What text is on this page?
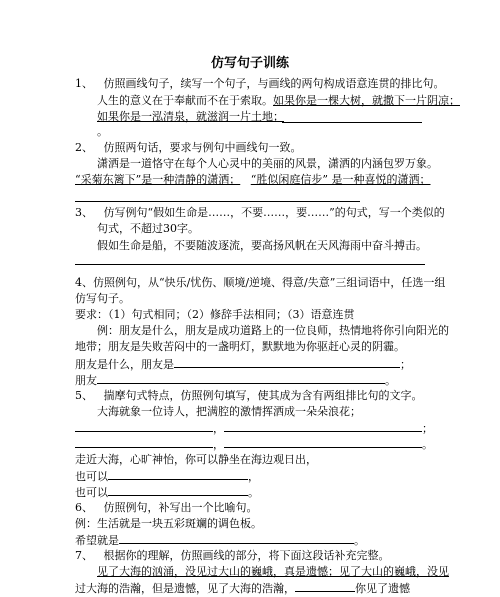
仿写句子训练
1、 仿照画线句子，续写一个句子，与画线的两句构成语意连贯的排比句。
人生的意义在于奉献而不在于索取。如果你是一棵大树，就撒下一片阴凉；
如果你是一泓清泉，就滋润一片土地；
。
2、 仿照两句话，要求与例句中画线句一致。
潇洒是一道恪守在每个人心灵中的美丽的风景，潇洒的内涵包罗万象。
“采菊东篱下”是一种清静的潇洒； “胜似闲庭信步” 是一种喜悦的潇洒；
3、 仿写例句“假如生命是……，不要……，要……”的句式，写一个类似的
句式，不超过30字。
假如生命是船，不要随波逐流，要高扬风帆在天风海雨中奋斗搏击。
4、仿照例句，从“快乐/忧伤、顺境/逆境、得意/失意”三组词语中，任选一组
仿写句子。
要求：（1）句式相同；（2）修辞手法相同；（3）语意连贯
例：朋友是什么，朋友是成功道路上的一位良师，热情地将你引向阳光的
地带；朋友是失败苦闷中的一盏明灯，默默地为你驱赶心灵的阴霾。
朋友是什么，朋友是	；
朋友	。
5、 揣摩句式特点，仿照例句填写，使其成为含有两组排比句的文字。
大海就象一位诗人，把满腔的激情挥洒成一朵朵浪花；
，	；
，	。
走近大海，心旷神怡，你可以静坐在海边观日出，
也可以	，
也可以	。
6、 仿照例句，补写出一个比喻句。
例：生活就是一块五彩斑斓的调色板。
希望就是	。
7、 根据你的理解，仿照画线的部分，将下面这段话补充完整。
见了大海的汹涌，没见过大山的巍峨，真是遗憾；见了大山的巍峨，没见
过大海的浩瀚，但是遗憾，见了大海的浩瀚，	你见了遗憾
